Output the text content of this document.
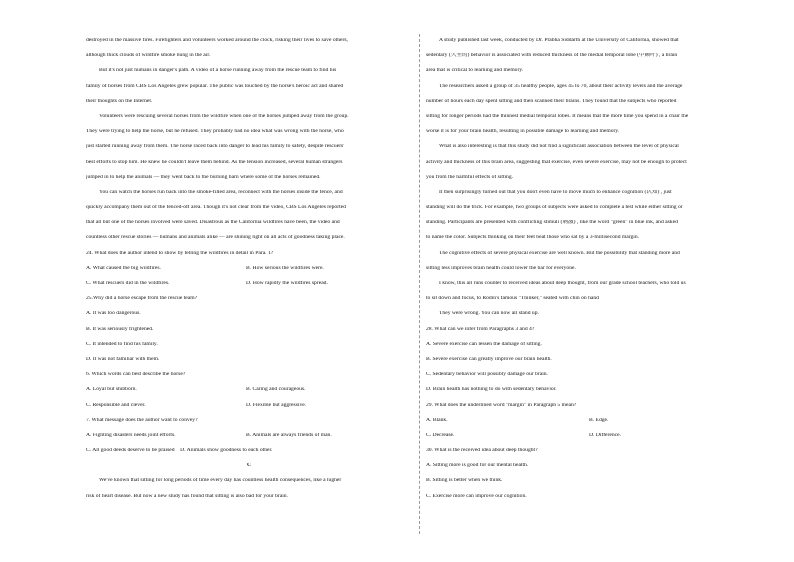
destroyed in the massive fires. Firefighters and volunteers worked around the clock, risking their lives to save others,
although thick clouds of wildfire smoke hung in the air.
But it's not just humans in danger's path. A video of a horse running away from the rescue team to find his
family of horses from CBS Los Angeles grew popular. The public was touched by the horse's heroic act and shared
their thoughts on the Internet.
Volunteers were rescuing several horses from the wildfire when one of the horses jumped away from the group.
They were trying to help the horse, but he refused. They probably had no idea what was wrong with the horse, who
just started running away from them. The horse raced back into danger to lead his family to safety, despite rescuers'
best efforts to stop him. He knew he couldn't leave them behind. As the tension increased, several human strangers
jumped in to help the animals — they went back to the burning barn where some of the horses remained.
You can watch the horses run back into the smoke-filled area, reconnect with the horses inside the fence, and
quickly accompany them out of the fenced-off area. Though it's not clear from the video, CBS Los Angeles reported
that all but one of the horses involved were saved. Disastrous as the California wildfires have been, the video and
countless other rescue stories — humans and animals alike — are shining light on all acts of goodness taking place.
24. What does the author intend to show by telling the wildfires in detail in Para. 1?
A. What caused the big wildfires.	B. How serious the wildfires were.
C. What rescuers did in the wildfires.	D. How rapidly the wildfires spread.
25.Why did a horse escape from the rescue team?
A. It was too dangerous.
B. It was seriously frightened.
C. It intended to find his family.
D. It was not familiar with them.
6. Which words can best describe the horse?
A. Loyal but stubborn.	B. Caring and courageous.
C. Responsible and clever.	D. Flexible but aggressive.
7. What message does the author want to convey?
A. Fighting disasters needs joint efforts.	B. Animals are always friends of man.
C. All good deeds deserve to be praised D. Animals show goodness to each other.
C
We've known that sitting for long periods of time every day has countless health consequences, like a higher
risk of heart disease. But now a new study has found that sitting is also bad for your brain.
A study published last week, conducted by Dr. Prabha Siddarth at the University of California, showed that
sedentary (久坐的) behavior is associated with reduced thickness of the medial temporal lobe (中颞叶) , a brain
area that is critical to learning and memory.
The researchers asked a group of 35 healthy people, ages 45 to 70, about their activity levels and the average
number of hours each day spent sitting and then scanned their brains. They found that the subjects who reported
sitting for longer periods had the thinnest medial temporal lobes. It means that the more time you spend in a chair the
worse it is for your brain health, resulting in possible damage to learning and memory.
What is also interesting is that this study did not find a significant association between the level of physical
activity and thickness of this brain area, suggesting that exercise, even severe exercise, may not be enough to protect
you from the harmful effects of sitting.
It then surprisingly turned out that you don't even have to move much to enhance cognition (认知) , just
standing will do the trick. For example, two groups of subjects were asked to complete a test while either sitting or
standing. Participants are presented with conflicting stimuli (刺激) , like the word "green" in blue ink, and asked
to name the color. Subjects thinking on their feet beat those who sat by a 3-millisecond margin.
The cognitive effects of severe physical exercise are well known. But the possibility that standing more and
sitting less improves brain health could lower the bar for everyone.
I know, this all runs counter to received ideas about deep thought, from our grade school teachers, who told us
to sit down and focus, to Rodin's famous "Thinker," seated with chin on hand
They were wrong. You can now all stand up.
28. What can we infer from Paragraphs 3 and 4?
A. Severe exercise can lessen the damage of sitting.
B. Severe exercise can greatly improve our brain health.
C. Sedentary behavior will possibly damage our brain.
D. Brain health has nothing to do with sedentary behavior.
29. What does the underlined word "margin" in Paragraph 5 mean?
A. Blank.	B. Edge.
C. Decrease.	D. Difference.
30. What is the received idea about deep thought?
A. Sitting more is good for our mental health.
B. Sitting is better when we think.
C. Exercise more can improve our cognition.
